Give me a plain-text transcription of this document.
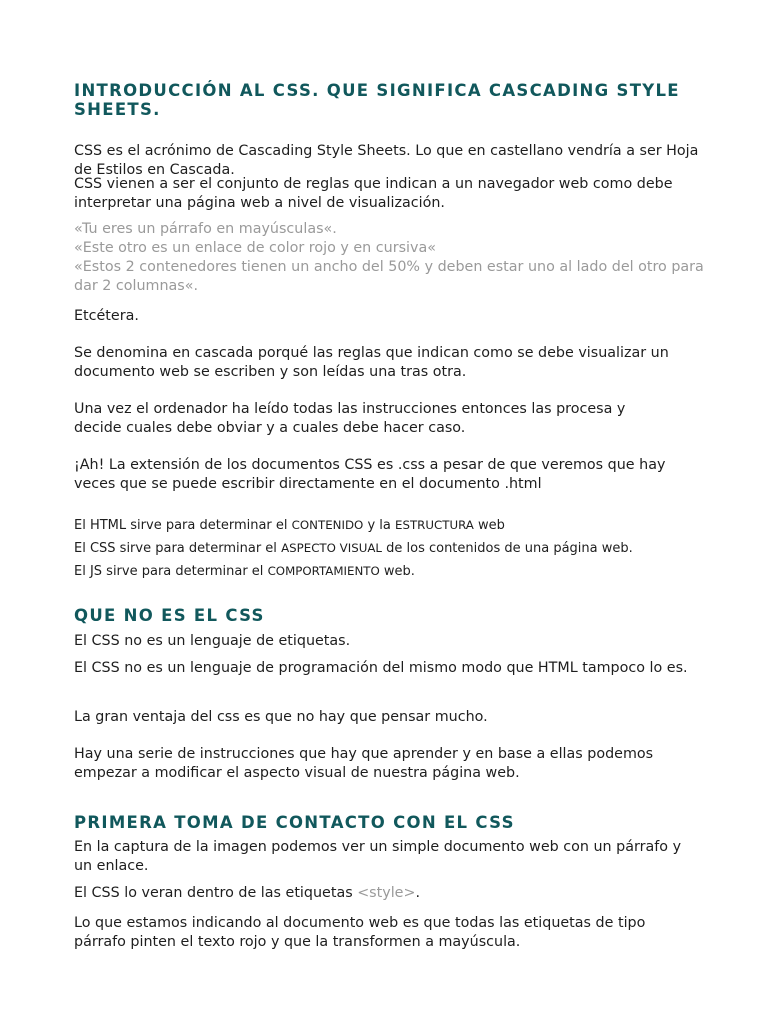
INTRODUCCIÓN AL CSS. QUE SIGNIFICA CASCADING STYLE SHEETS.

CSS es el acrónimo de Cascading Style Sheets. Lo que en castellano vendría a ser Hoja de Estilos en Cascada.

CSS vienen a ser el conjunto de reglas que indican a un navegador web como debe interpretar una página web a nivel de visualización.

«Tu eres un párrafo en mayúsculas«.

«Este otro es un enlace de color rojo y en cursiva«

«Estos 2 contenedores tienen un ancho del 50% y deben estar uno al lado del otro para dar 2 columnas«.

Etcétera.

Se denomina en cascada porqué las reglas que indican como se debe visualizar un documento web se escriben y son leídas una tras otra.

Una vez el ordenador ha leído todas las instrucciones entonces las procesa y decide cuales debe obviar y a cuales debe hacer caso.

¡Ah! La extensión de los documentos CSS es .css a pesar de que veremos que hay veces que se puede escribir directamente en el documento .html

El HTML sirve para determinar el CONTENIDO y la ESTRUCTURA web

El CSS sirve para determinar el ASPECTO VISUAL de los contenidos de una página web.

El JS sirve para determinar el COMPORTAMIENTO web.

QUE NO ES EL CSS

El CSS no es un lenguaje de etiquetas.

El CSS no es un lenguaje de programación del mismo modo que HTML tampoco lo es.

La gran ventaja del css es que no hay que pensar mucho.

Hay una serie de instrucciones que hay que aprender y en base a ellas podemos empezar a modificar el aspecto visual de nuestra página web.

PRIMERA TOMA DE CONTACTO CON EL CSS

En la captura de la imagen podemos ver un simple documento web con un párrafo y un enlace.

El CSS lo veran dentro de las etiquetas <style>.

Lo que estamos indicando al documento web es que todas las etiquetas de tipo párrafo pinten el texto rojo y que la transformen a mayúscula.
